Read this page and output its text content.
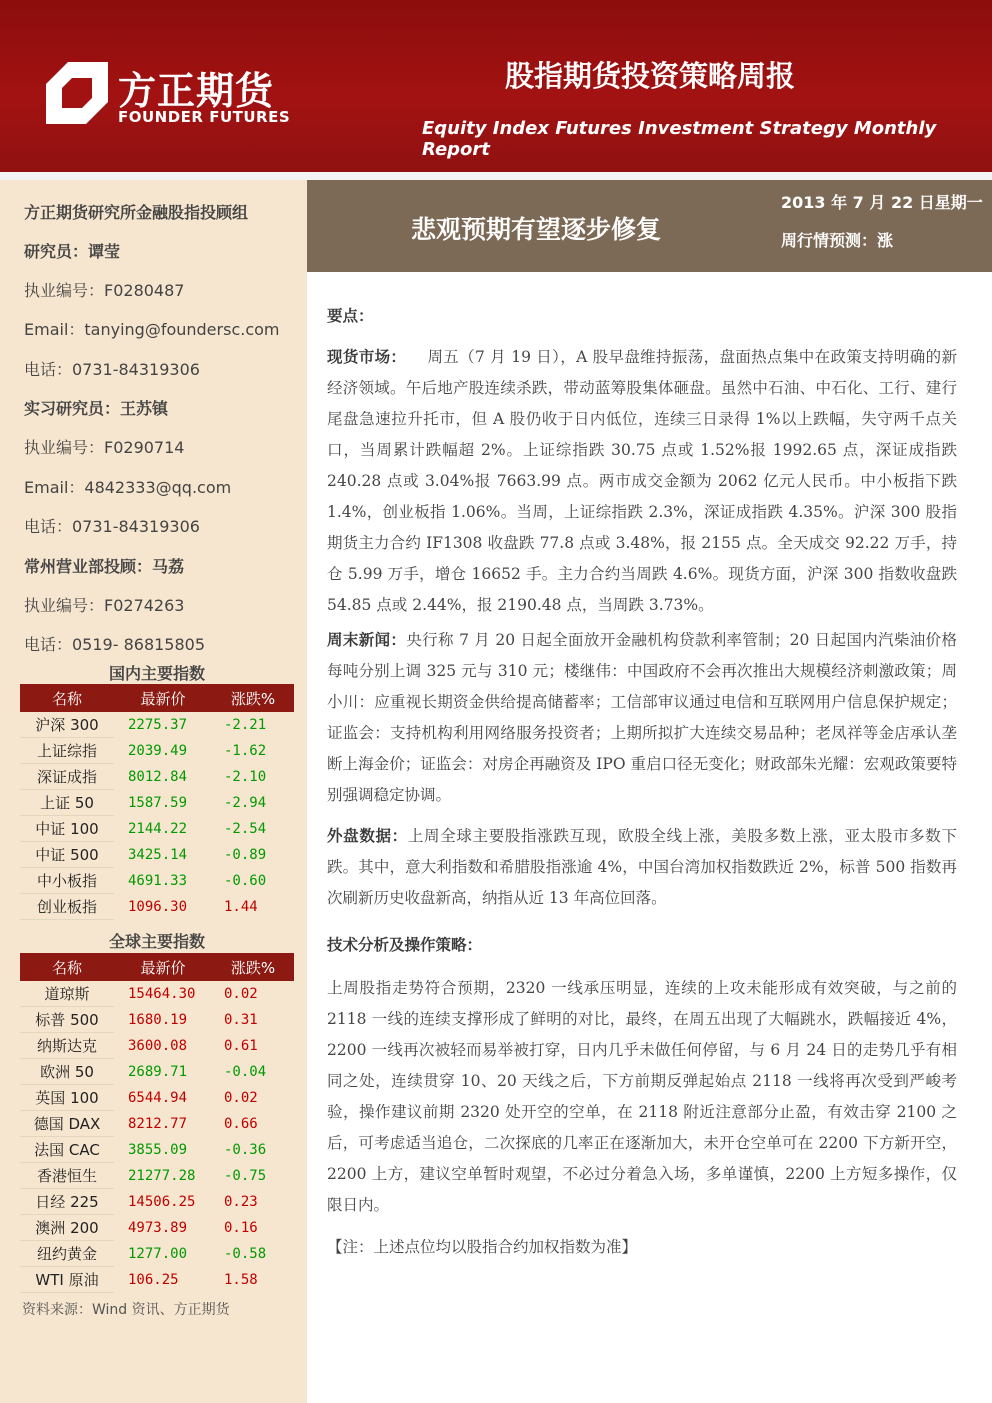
方正期货
FOUNDER FUTURES
股指期货投资策略周报
Equity Index Futures Investment Strategy Monthly Report
悲观预期有望逐步修复
2013 年 7 月 22 日星期一
周行情预测：涨
方正期货研究所金融股指投顾组
研究员：谭莹
执业编号：F0280487
Email：tanying@foundersc.com
电话：0731-84319306
实习研究员：王苏镇
执业编号：F0290714
Email：4842333@qq.com
电话：0731-84319306
常州营业部投顾：马荔
执业编号：F0274263
电话：0519- 86815805
国内主要指数
名称	最新价	涨跌%
沪深 300	2275.37	-2.21
上证综指	2039.49	-1.62
深证成指	8012.84	-2.10
上证 50	1587.59	-2.94
中证 100	2144.22	-2.54
中证 500	3425.14	-0.89
中小板指	4691.33	-0.60
创业板指	1096.30	1.44
全球主要指数
名称	最新价	涨跌%
道琼斯	15464.30	0.02
标普 500	1680.19	0.31
纳斯达克	3600.08	0.61
欧洲 50	2689.71	-0.04
英国 100	6544.94	0.02
德国 DAX	8212.77	0.66
法国 CAC	3855.09	-0.36
香港恒生	21277.28	-0.75
日经 225	14506.25	0.23
澳洲 200	4973.89	0.16
纽约黄金	1277.00	-0.58
WTI 原油	106.25	1.58
资料来源：Wind 资讯、方正期货
要点：

现货市场： 周五（7 月 19 日），A 股早盘维持振荡，盘面热点集中在政策支持明确的新经济领域。午后地产股连续杀跌，带动蓝筹股集体砸盘。虽然中石油、中石化、工行、建行尾盘急速拉升托市，但 A 股仍收于日内低位，连续三日录得 1%以上跌幅，失守两千点关口，当周累计跌幅超 2%。上证综指跌 30.75 点或 1.52%报 1992.65 点，深证成指跌 240.28 点或 3.04%报 7663.99 点。两市成交金额为 2062 亿元人民币。中小板指下跌 1.4%，创业板指 1.06%。当周，上证综指跌 2.3%，深证成指跌 4.35%。沪深 300 股指期货主力合约 IF1308 收盘跌 77.8 点或 3.48%，报 2155 点。全天成交 92.22 万手，持仓 5.99 万手，增仓 16652 手。主力合约当周跌 4.6%。现货方面，沪深 300 指数收盘跌 54.85 点或 2.44%，报 2190.48 点，当周跌 3.73%。

周末新闻：央行称 7 月 20 日起全面放开金融机构贷款利率管制；20 日起国内汽柴油价格每吨分别上调 325 元与 310 元；楼继伟：中国政府不会再次推出大规模经济刺激政策；周小川：应重视长期资金供给提高储蓄率；工信部审议通过电信和互联网用户信息保护规定；证监会：支持机构利用网络服务投资者；上期所拟扩大连续交易品种；老凤祥等金店承认垄断上海金价；证监会：对房企再融资及 IPO 重启口径无变化；财政部朱光耀：宏观政策要特别强调稳定协调。

外盘数据：上周全球主要股指涨跌互现，欧股全线上涨，美股多数上涨，亚太股市多数下跌。其中，意大利指数和希腊股指涨逾 4%，中国台湾加权指数跌近 2%，标普 500 指数再次刷新历史收盘新高，纳指从近 13 年高位回落。

技术分析及操作策略：

上周股指走势符合预期，2320 一线承压明显，连续的上攻未能形成有效突破，与之前的 2118 一线的连续支撑形成了鲜明的对比，最终，在周五出现了大幅跳水，跌幅接近 4%，2200 一线再次被轻而易举被打穿，日内几乎未做任何停留，与 6 月 24 日的走势几乎有相同之处，连续贯穿 10、20 天线之后，下方前期反弹起始点 2118 一线将再次受到严峻考验，操作建议前期 2320 处开空的空单，在 2118 附近注意部分止盈，有效击穿 2100 之后，可考虑适当追仓，二次探底的几率正在逐渐加大，未开仓空单可在 2200 下方新开空，2200 上方，建议空单暂时观望，不必过分着急入场，多单谨慎，2200 上方短多操作，仅限日内。

【注：上述点位均以股指合约加权指数为准】
